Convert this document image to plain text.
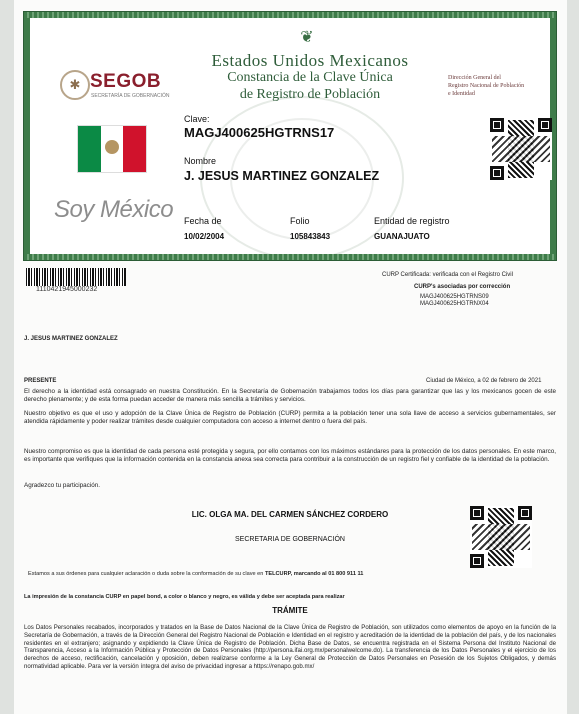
❦
✱ SEGOB
SECRETARÍA DE GOBERNACIÓN
Estados Unidos Mexicanos
Constancia de la Clave Única
de Registro de Población
Dirección General del
Registro Nacional de Población
e Identidad
Soy México
Clave:
MAGJ400625HGTRNS17
Nombre
J. JESUS MARTINEZ GONZALEZ
Fecha de
10/02/2004
Folio
105843843
Entidad de registro
GUANAJUATO
1110421945000232
CURP Certificada: verificada con el Registro Civil
CURP's asociadas por corrección
MAGJ400625HGTRNS09
MAGJ400625HGTRNX04
J. JESUS MARTINEZ GONZALEZ
PRESENTE	Ciudad de México, a 02 de febrero de 2021
El derecho a la identidad está consagrado en nuestra Constitución. En la Secretaría de Gobernación trabajamos todos los días para garantizar que las y los mexicanos gocen de este derecho plenamente; y de esta forma puedan acceder de manera más sencilla a trámites y servicios.
Nuestro objetivo es que el uso y adopción de la Clave Única de Registro de Población (CURP) permita a la población tener una sola llave de acceso a servicios gubernamentales, ser atendida rápidamente y poder realizar trámites desde cualquier computadora con acceso a internet dentro o fuera del país.
Nuestro compromiso es que la identidad de cada persona esté protegida y segura, por ello contamos con los máximos estándares para la protección de los datos personales. En este marco, es importante que verifiques que la información contenida en la constancia anexa sea correcta para contribuir a la construcción de un registro fiel y confiable de la identidad de la población.
Agradezco tu participación.
LIC. OLGA MA. DEL CARMEN SÁNCHEZ CORDERO
SECRETARIA DE GOBERNACIÓN
Estamos a sus órdenes para cualquier aclaración o duda sobre la conformación de su clave en TELCURP, marcando al 01 800 911 11
La impresión de la constancia CURP en papel bond, a color o blanco y negro, es válida y debe ser aceptada para realizar
TRÁMITE
Los Datos Personales recabados, incorporados y tratados en la Base de Datos Nacional de la Clave Única de Registro de Población, son utilizados como elementos de apoyo en la función de la Secretaría de Gobernación, a través de la Dirección General del Registro Nacional de Población e Identidad en el registro y acreditación de la identidad de la población del país, y de los nacionales residentes en el extranjero; asignando y expidiendo la Clave Única de Registro de Población. Dicha Base de Datos, se encuentra registrada en el Sistema Persona del Instituto Nacional de Transparencia, Acceso a la Información Pública y Protección de Datos Personales (http://persona.ifai.org.mx/personalwelcome.do). La transferencia de los Datos Personales y el ejercicio de los derechos de acceso, rectificación, cancelación y oposición, deben realizarse conforme a la Ley General de Protección de Datos Personales en Posesión de los Sujetos Obligados, y demás normatividad aplicable. Para ver la versión íntegra del aviso de privacidad ingresar a https://renapo.gob.mx/
